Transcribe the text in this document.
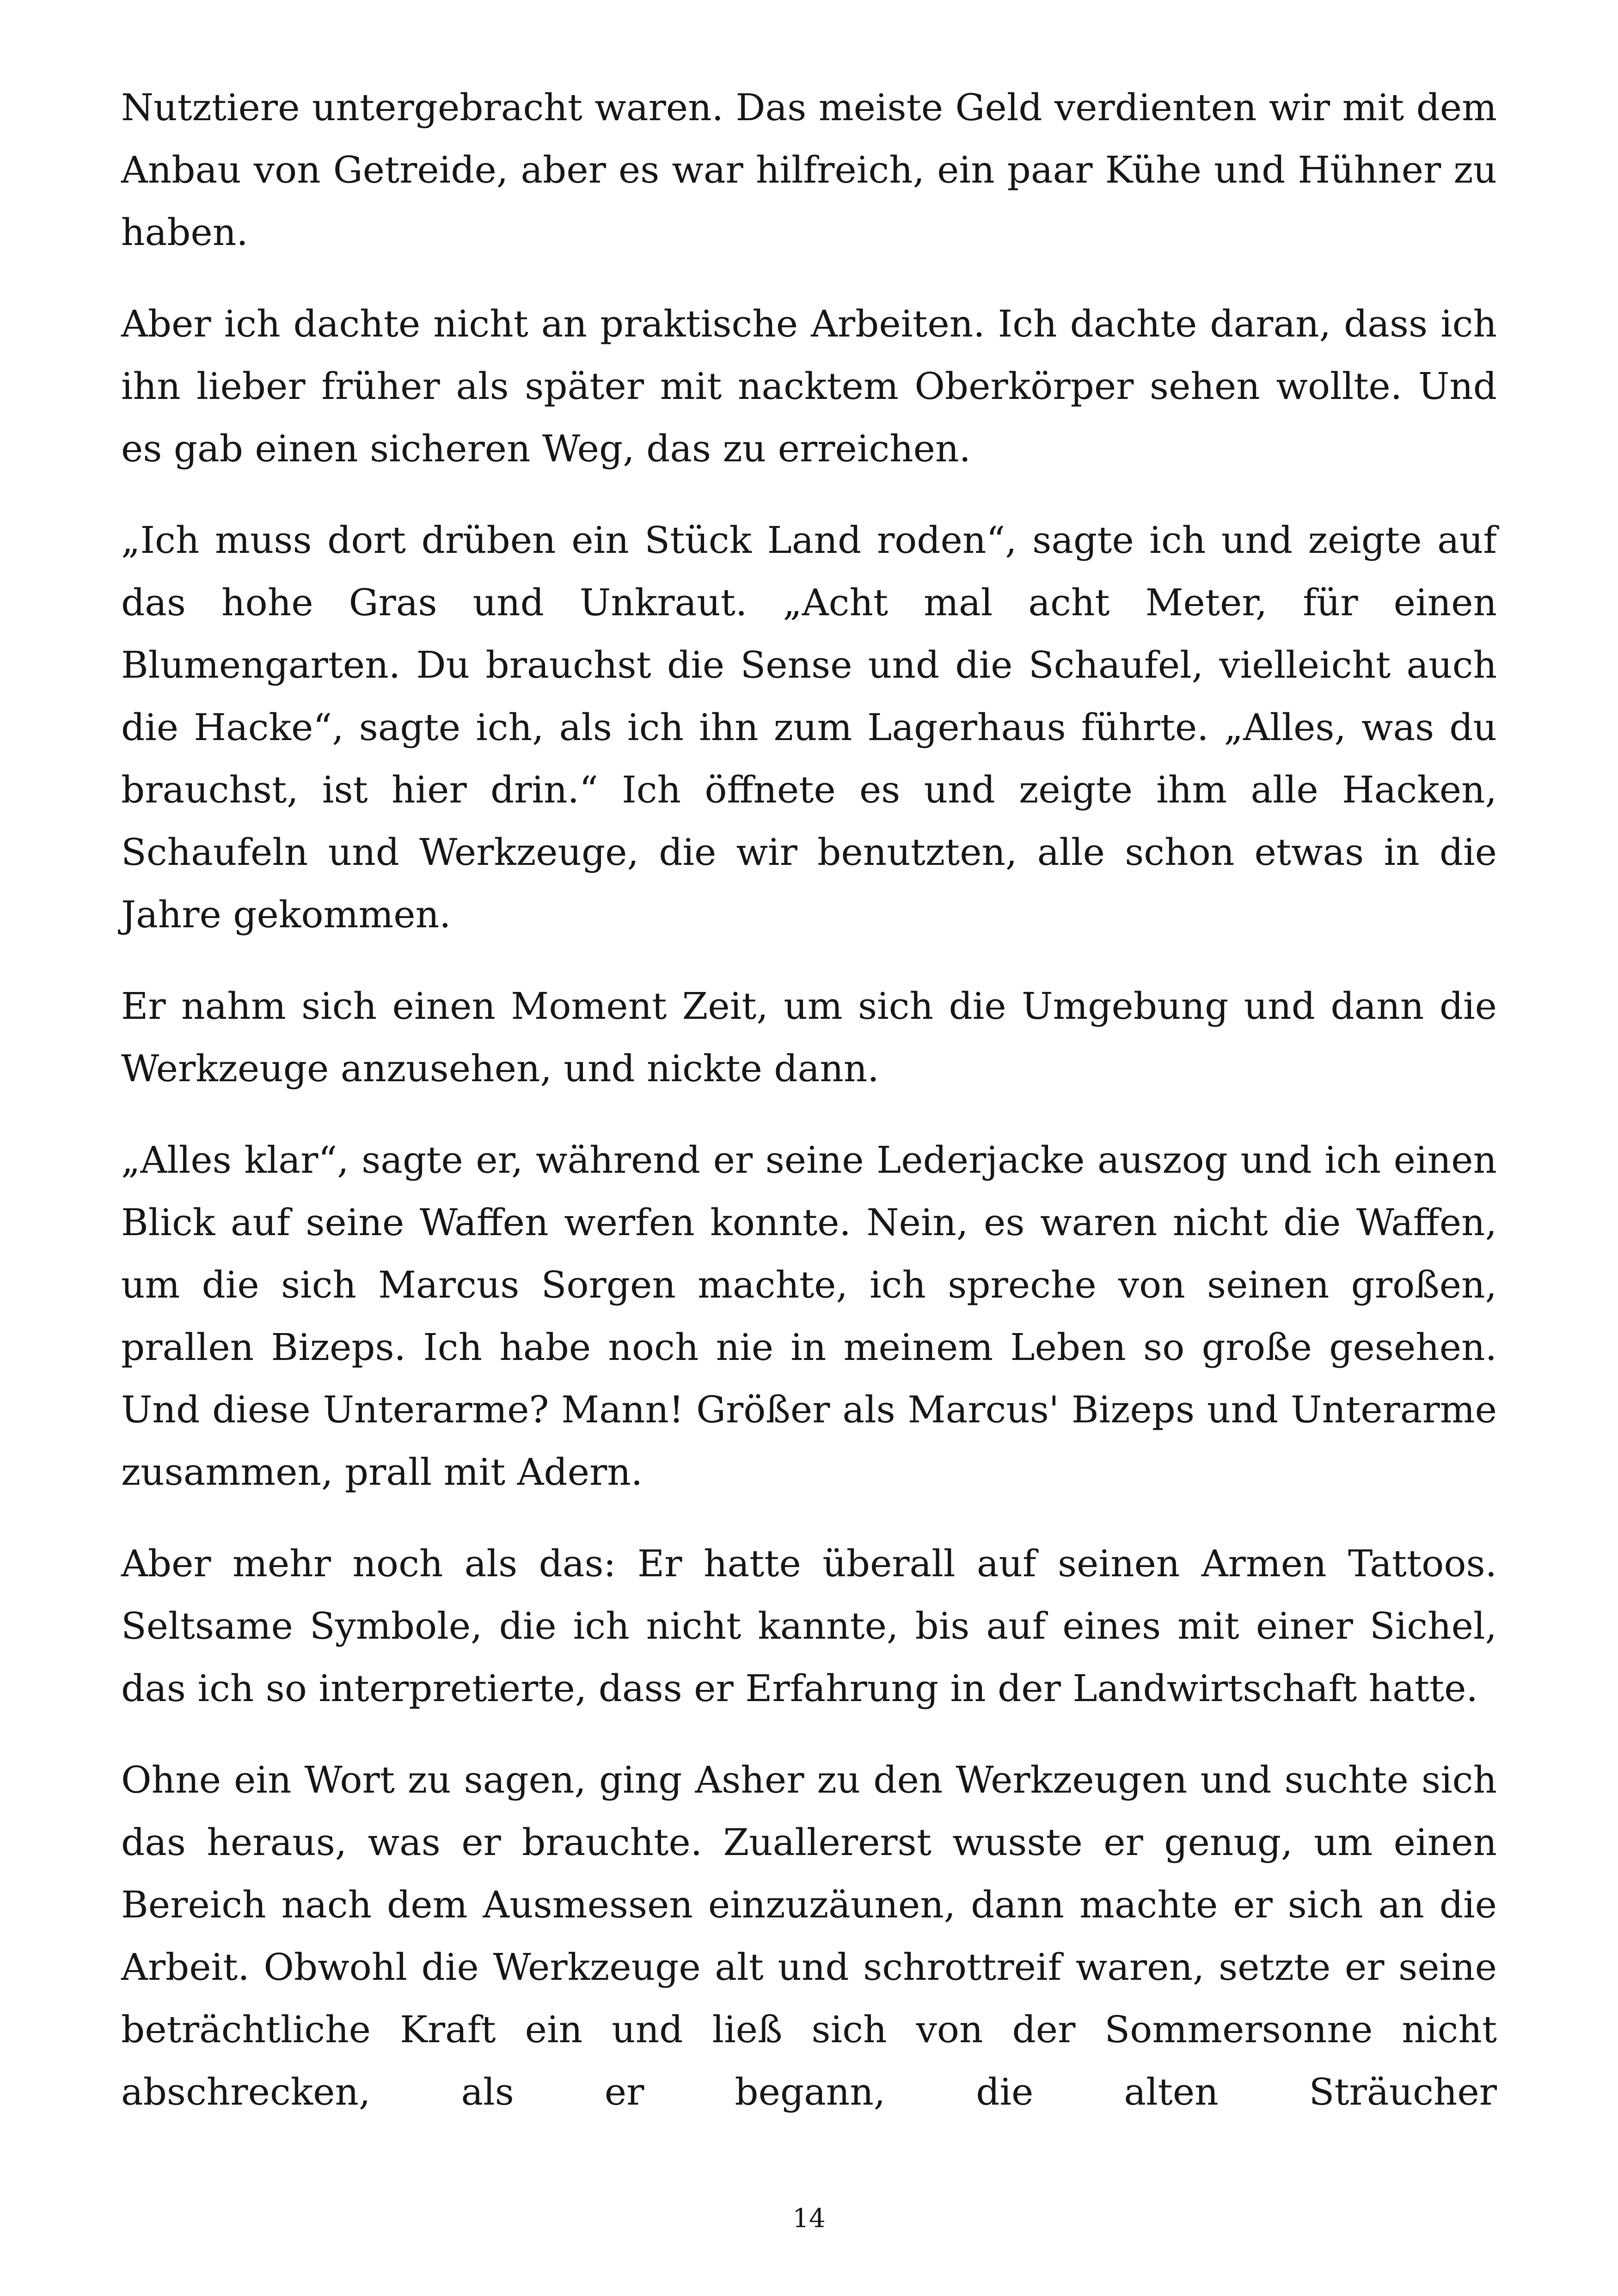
Nutztiere untergebracht waren. Das meiste Geld verdienten wir mit dem Anbau von Getreide, aber es war hilfreich, ein paar Kühe und Hühner zu haben.

Aber ich dachte nicht an praktische Arbeiten. Ich dachte daran, dass ich ihn lieber früher als später mit nacktem Oberkörper sehen wollte. Und es gab einen sicheren Weg, das zu erreichen.

„Ich muss dort drüben ein Stück Land roden“, sagte ich und zeigte auf das hohe Gras und Unkraut. „Acht mal acht Meter, für einen Blumengarten. Du brauchst die Sense und die Schaufel, vielleicht auch die Hacke“, sagte ich, als ich ihn zum Lagerhaus führte. „Alles, was du brauchst, ist hier drin.“ Ich öffnete es und zeigte ihm alle Hacken, Schaufeln und Werkzeuge, die wir benutzten, alle schon etwas in die Jahre gekommen.

Er nahm sich einen Moment Zeit, um sich die Umgebung und dann die Werkzeuge anzusehen, und nickte dann.

„Alles klar“, sagte er, während er seine Lederjacke auszog und ich einen Blick auf seine Waffen werfen konnte. Nein, es waren nicht die Waffen, um die sich Marcus Sorgen machte, ich spreche von seinen großen, prallen Bizeps. Ich habe noch nie in meinem Leben so große gesehen. Und diese Unterarme? Mann! Größer als Marcus' Bizeps und Unterarme zusammen, prall mit Adern.

Aber mehr noch als das: Er hatte überall auf seinen Armen Tattoos. Seltsame Symbole, die ich nicht kannte, bis auf eines mit einer Sichel, das ich so interpretierte, dass er Erfahrung in der Landwirtschaft hatte.

Ohne ein Wort zu sagen, ging Asher zu den Werkzeugen und suchte sich das heraus, was er brauchte. Zuallererst wusste er genug, um einen Bereich nach dem Ausmessen einzuzäunen, dann machte er sich an die Arbeit. Obwohl die Werkzeuge alt und schrottreif waren, setzte er seine beträchtliche Kraft ein und ließ sich von der Sommersonne nicht abschrecken, als er begann, die alten Sträucher

14
